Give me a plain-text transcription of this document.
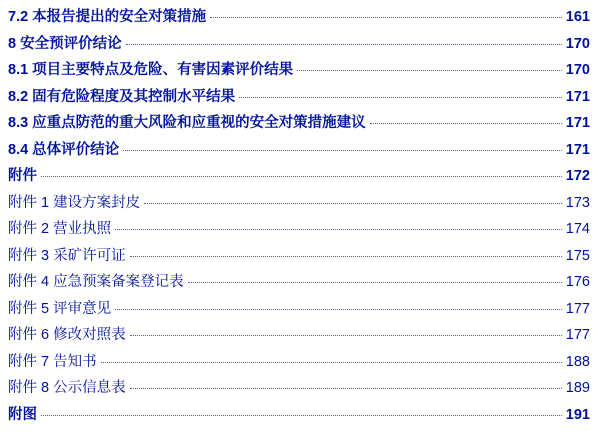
7.2 本报告提出的安全对策措施	161
8 安全预评价结论	170
8.1 项目主要特点及危险、有害因素评价结果	170
8.2 固有危险程度及其控制水平结果	171
8.3 应重点防范的重大风险和应重视的安全对策措施建议	171
8.4 总体评价结论	171
附件	172
附件 1 建设方案封皮	173
附件 2 营业执照	174
附件 3 采矿许可证	175
附件 4 应急预案备案登记表	176
附件 5 评审意见	177
附件 6 修改对照表	177
附件 7 告知书	188
附件 8 公示信息表	189
附图	191
